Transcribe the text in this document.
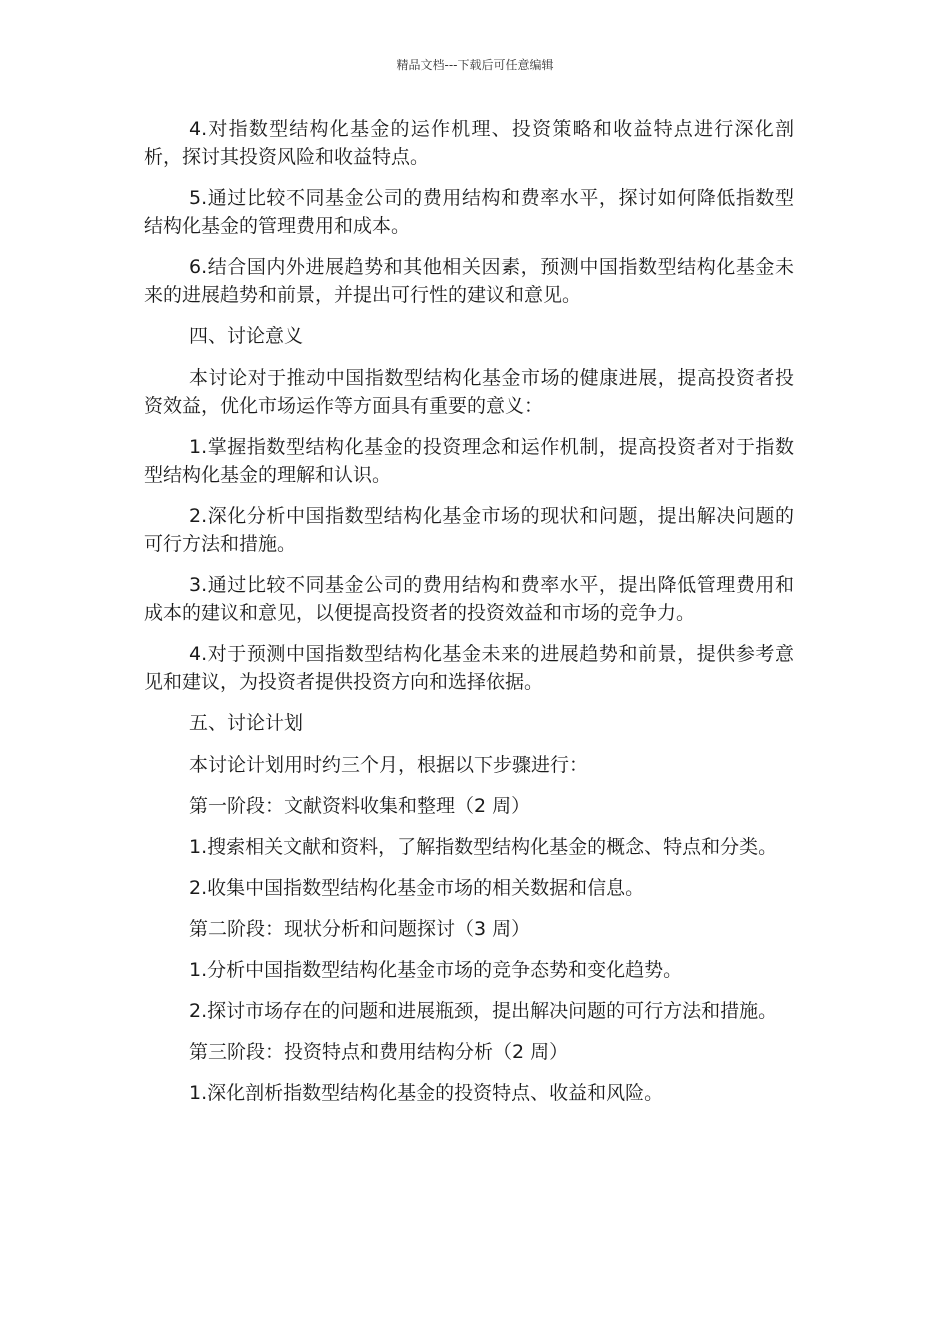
精品文档---下载后可任意编辑

4.对指数型结构化基金的运作机理、投资策略和收益特点进行深化剖析，探讨其投资风险和收益特点。

5.通过比较不同基金公司的费用结构和费率水平，探讨如何降低指数型结构化基金的管理费用和成本。

6.结合国内外进展趋势和其他相关因素，预测中国指数型结构化基金未来的进展趋势和前景，并提出可行性的建议和意见。

四、讨论意义

本讨论对于推动中国指数型结构化基金市场的健康进展，提高投资者投资效益，优化市场运作等方面具有重要的意义：

1.掌握指数型结构化基金的投资理念和运作机制，提高投资者对于指数型结构化基金的理解和认识。

2.深化分析中国指数型结构化基金市场的现状和问题，提出解决问题的可行方法和措施。

3.通过比较不同基金公司的费用结构和费率水平，提出降低管理费用和成本的建议和意见，以便提高投资者的投资效益和市场的竞争力。

4.对于预测中国指数型结构化基金未来的进展趋势和前景，提供参考意见和建议，为投资者提供投资方向和选择依据。

五、讨论计划

本讨论计划用时约三个月，根据以下步骤进行：

第一阶段：文献资料收集和整理（2 周）

1.搜索相关文献和资料，了解指数型结构化基金的概念、特点和分类。

2.收集中国指数型结构化基金市场的相关数据和信息。

第二阶段：现状分析和问题探讨（3 周）

1.分析中国指数型结构化基金市场的竞争态势和变化趋势。

2.探讨市场存在的问题和进展瓶颈，提出解决问题的可行方法和措施。

第三阶段：投资特点和费用结构分析（2 周）

1.深化剖析指数型结构化基金的投资特点、收益和风险。
